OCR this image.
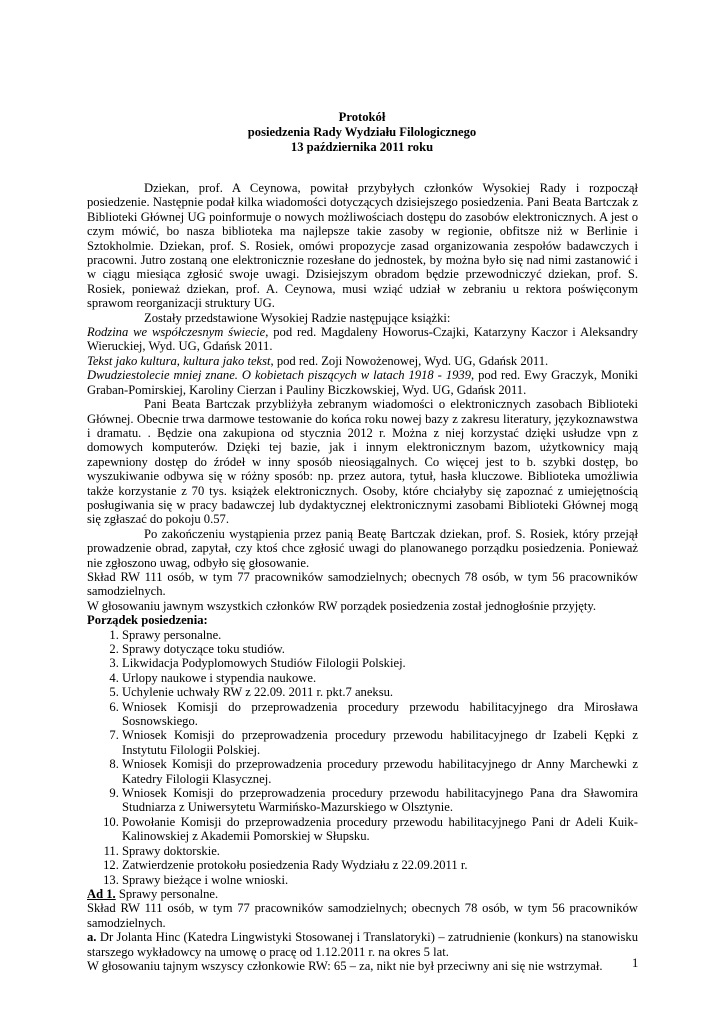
Protokół
posiedzenia Rady Wydziału Filologicznego
13 października 2011 roku

Dziekan, prof. A Ceynowa, powitał przybyłych członków Wysokiej Rady i rozpoczął posiedzenie. Następnie podał kilka wiadomości dotyczących dzisiejszego posiedzenia. Pani Beata Bartczak z Biblioteki Głównej UG poinformuje o nowych możliwościach dostępu do zasobów elektronicznych. A jest o czym mówić, bo nasza biblioteka ma najlepsze takie zasoby w regionie, obfitsze niż w Berlinie i Sztokholmie. Dziekan, prof. S. Rosiek, omówi propozycje zasad organizowania zespołów badawczych i pracowni. Jutro zostaną one elektronicznie rozesłane do jednostek, by można było się nad nimi zastanowić i w ciągu miesiąca zgłosić swoje uwagi. Dzisiejszym obradom będzie przewodniczyć dziekan, prof. S. Rosiek, ponieważ dziekan, prof. A. Ceynowa, musi wziąć udział w zebraniu u rektora poświęconym sprawom reorganizacji struktury UG.

Zostały przedstawione Wysokiej Radzie następujące książki:

Rodzina we współczesnym świecie, pod red. Magdaleny Howorus-Czajki, Katarzyny Kaczor i Aleksandry Wieruckiej, Wyd. UG, Gdańsk 2011.

Tekst jako kultura, kultura jako tekst, pod red. Zoji Nowożenowej, Wyd. UG, Gdańsk 2011.

Dwudziestolecie mniej znane. O kobietach piszących w latach 1918 - 1939, pod red. Ewy Graczyk, Moniki Graban-Pomirskiej, Karoliny Cierzan i Pauliny Biczkowskiej, Wyd. UG, Gdańsk 2011.

Pani Beata Bartczak przybliżyła zebranym wiadomości o elektronicznych zasobach Biblioteki Głównej. Obecnie trwa darmowe testowanie do końca roku nowej bazy z zakresu literatury, językoznawstwa i dramatu. . Będzie ona zakupiona od stycznia 2012 r. Można z niej korzystać dzięki usłudze vpn z domowych komputerów. Dzięki tej bazie, jak i innym elektronicznym bazom, użytkownicy mają zapewniony dostęp do źródeł w inny sposób nieosiągalnych. Co więcej jest to b. szybki dostęp, bo wyszukiwanie odbywa się w różny sposób: np. przez autora, tytuł, hasła kluczowe. Biblioteka umożliwia także korzystanie z 70 tys. książek elektronicznych. Osoby, które chciałyby się zapoznać z umiejętnością posługiwania się w pracy badawczej lub dydaktycznej elektronicznymi zasobami Biblioteki Głównej mogą się zgłaszać do pokoju 0.57.

Po zakończeniu wystąpienia przez panią Beatę Bartczak dziekan, prof. S. Rosiek, który przejął prowadzenie obrad, zapytał, czy ktoś chce zgłosić uwagi do planowanego porządku posiedzenia. Ponieważ nie zgłoszono uwag, odbyło się głosowanie.

Skład RW 111 osób, w tym 77 pracowników samodzielnych; obecnych 78 osób, w tym 56 pracowników samodzielnych.

W głosowaniu jawnym wszystkich członków RW porządek posiedzenia został jednogłośnie przyjęty.

Porządek posiedzenia:

1. Sprawy personalne.
2. Sprawy dotyczące toku studiów.
3. Likwidacja Podyplomowych Studiów Filologii Polskiej.
4. Urlopy naukowe i stypendia naukowe.
5. Uchylenie uchwały RW z 22.09. 2011 r. pkt.7 aneksu.
6. Wniosek Komisji do przeprowadzenia procedury przewodu habilitacyjnego dra Mirosława Sosnowskiego.
7. Wniosek Komisji do przeprowadzenia procedury przewodu habilitacyjnego dr Izabeli Kępki z Instytutu Filologii Polskiej.
8. Wniosek Komisji do przeprowadzenia procedury przewodu habilitacyjnego dr Anny Marchewki z Katedry Filologii Klasycznej.
9. Wniosek Komisji do przeprowadzenia procedury przewodu habilitacyjnego Pana dra Sławomira Studniarza z Uniwersytetu Warmińsko-Mazurskiego w Olsztynie.
10. Powołanie Komisji do przeprowadzenia procedury przewodu habilitacyjnego Pani dr Adeli Kuik-Kalinowskiej z Akademii Pomorskiej w Słupsku.
11. Sprawy doktorskie.
12. Zatwierdzenie protokołu posiedzenia Rady Wydziału z 22.09.2011 r.
13. Sprawy bieżące i wolne wnioski.

Ad 1. Sprawy personalne.

Skład RW 111 osób, w tym 77 pracowników samodzielnych; obecnych 78 osób, w tym 56 pracowników samodzielnych.

a. Dr Jolanta Hinc (Katedra Lingwistyki Stosowanej i Translatoryki) – zatrudnienie (konkurs) na stanowisku starszego wykładowcy na umowę o pracę od 1.12.2011 r. na okres 5 lat.

W głosowaniu tajnym wszyscy członkowie RW: 65 – za, nikt nie był przeciwny ani się nie wstrzymał.	1
